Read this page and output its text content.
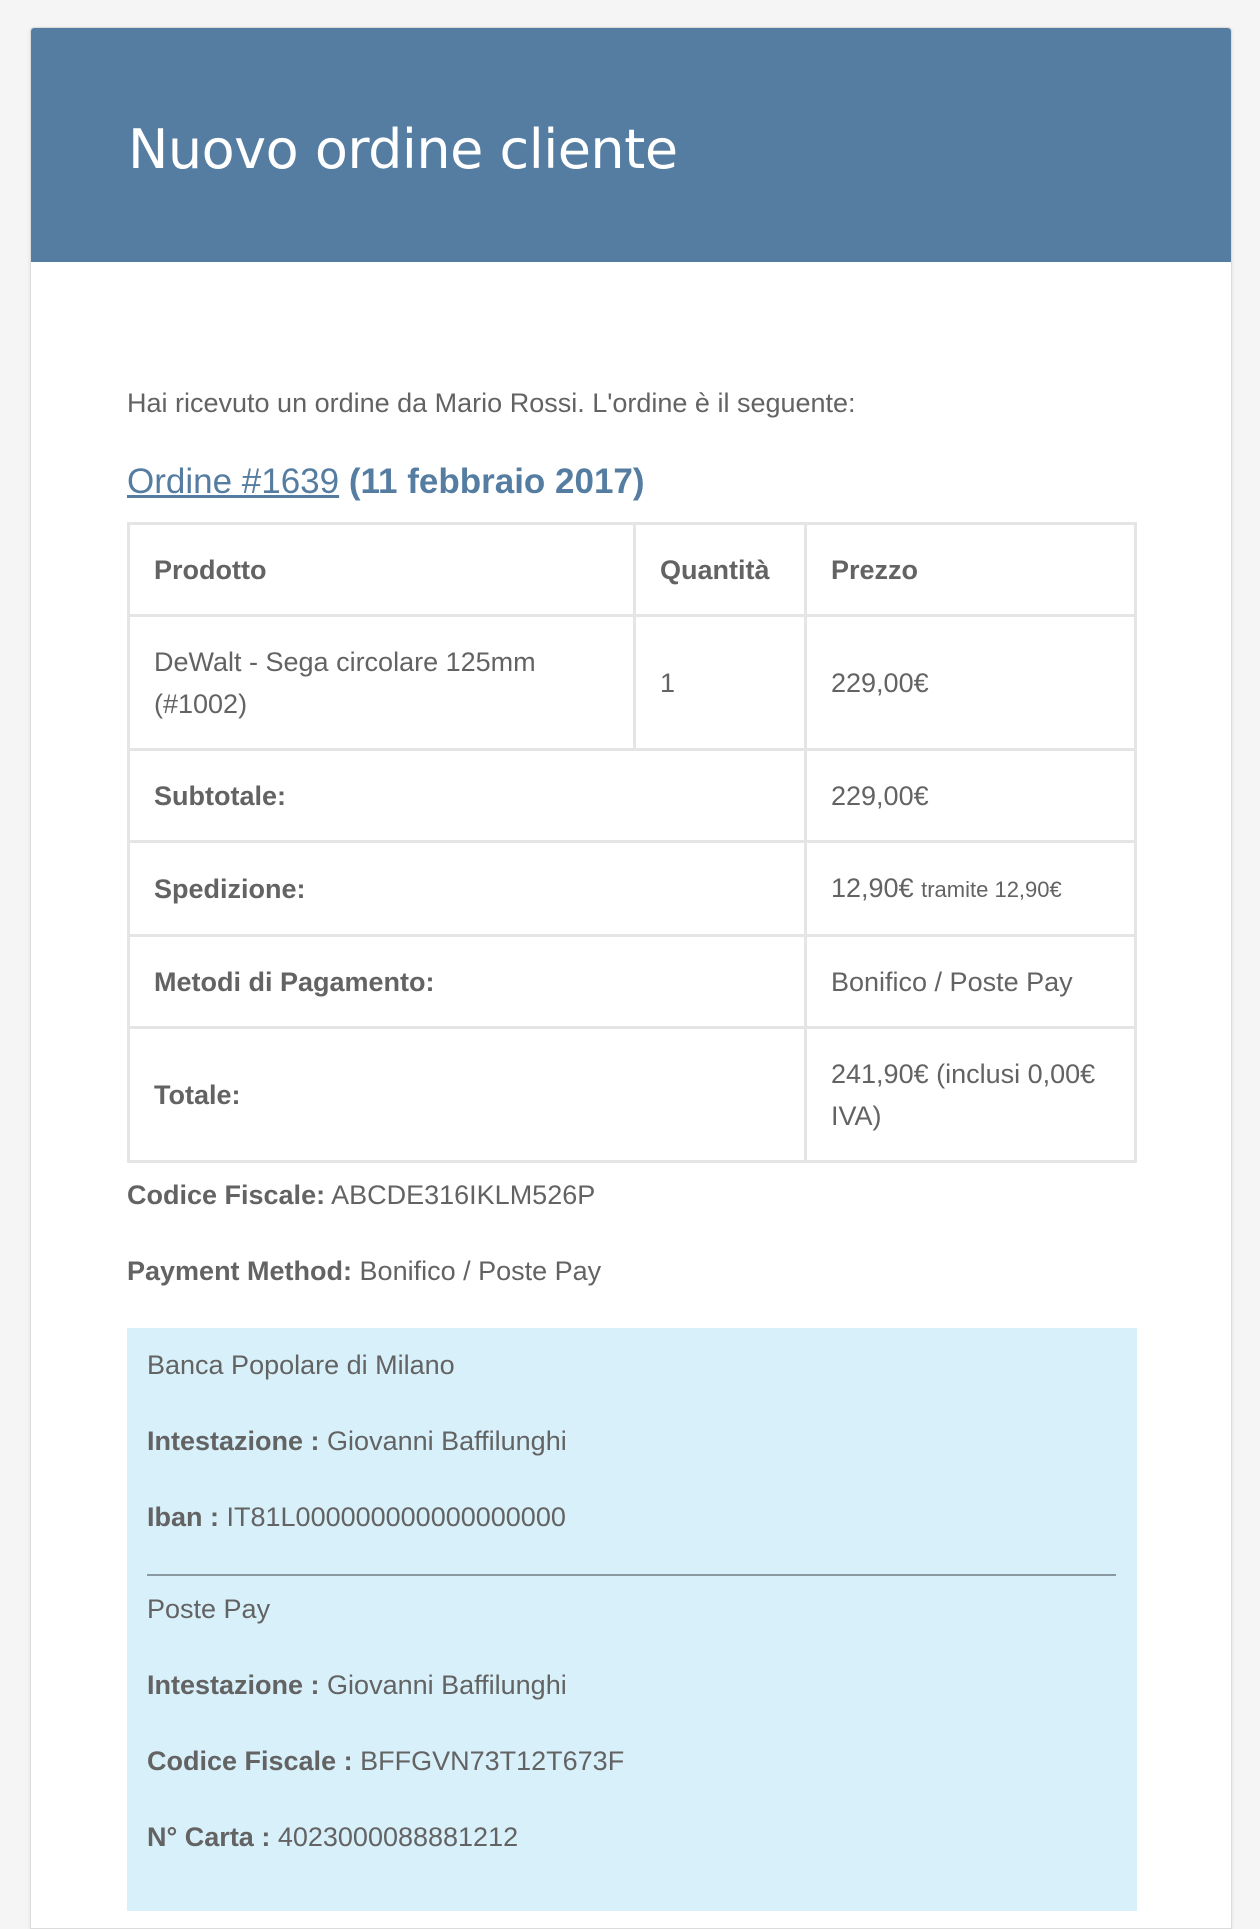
Nuovo ordine cliente
Hai ricevuto un ordine da Mario Rossi. L'ordine è il seguente:
Ordine #1639 (11 febbraio 2017)
Prodotto	Quantità	Prezzo
DeWalt - Sega circolare 125mm
(#1002)	1	229,00€
Subtotale:		229,00€
Spedizione:		12,90€ tramite 12,90€
Metodi di Pagamento:		Bonifico / Poste Pay
Totale:		241,90€ (inclusi 0,00€
IVA)
Codice Fiscale: ABCDE316IKLM526P
Payment Method: Bonifico / Poste Pay
Banca Popolare di Milano
Intestazione : Giovanni Baffilunghi
Iban : IT81L000000000000000000
Poste Pay
Intestazione : Giovanni Baffilunghi
Codice Fiscale : BFFGVN73T12T673F
N° Carta : 4023000088881212
